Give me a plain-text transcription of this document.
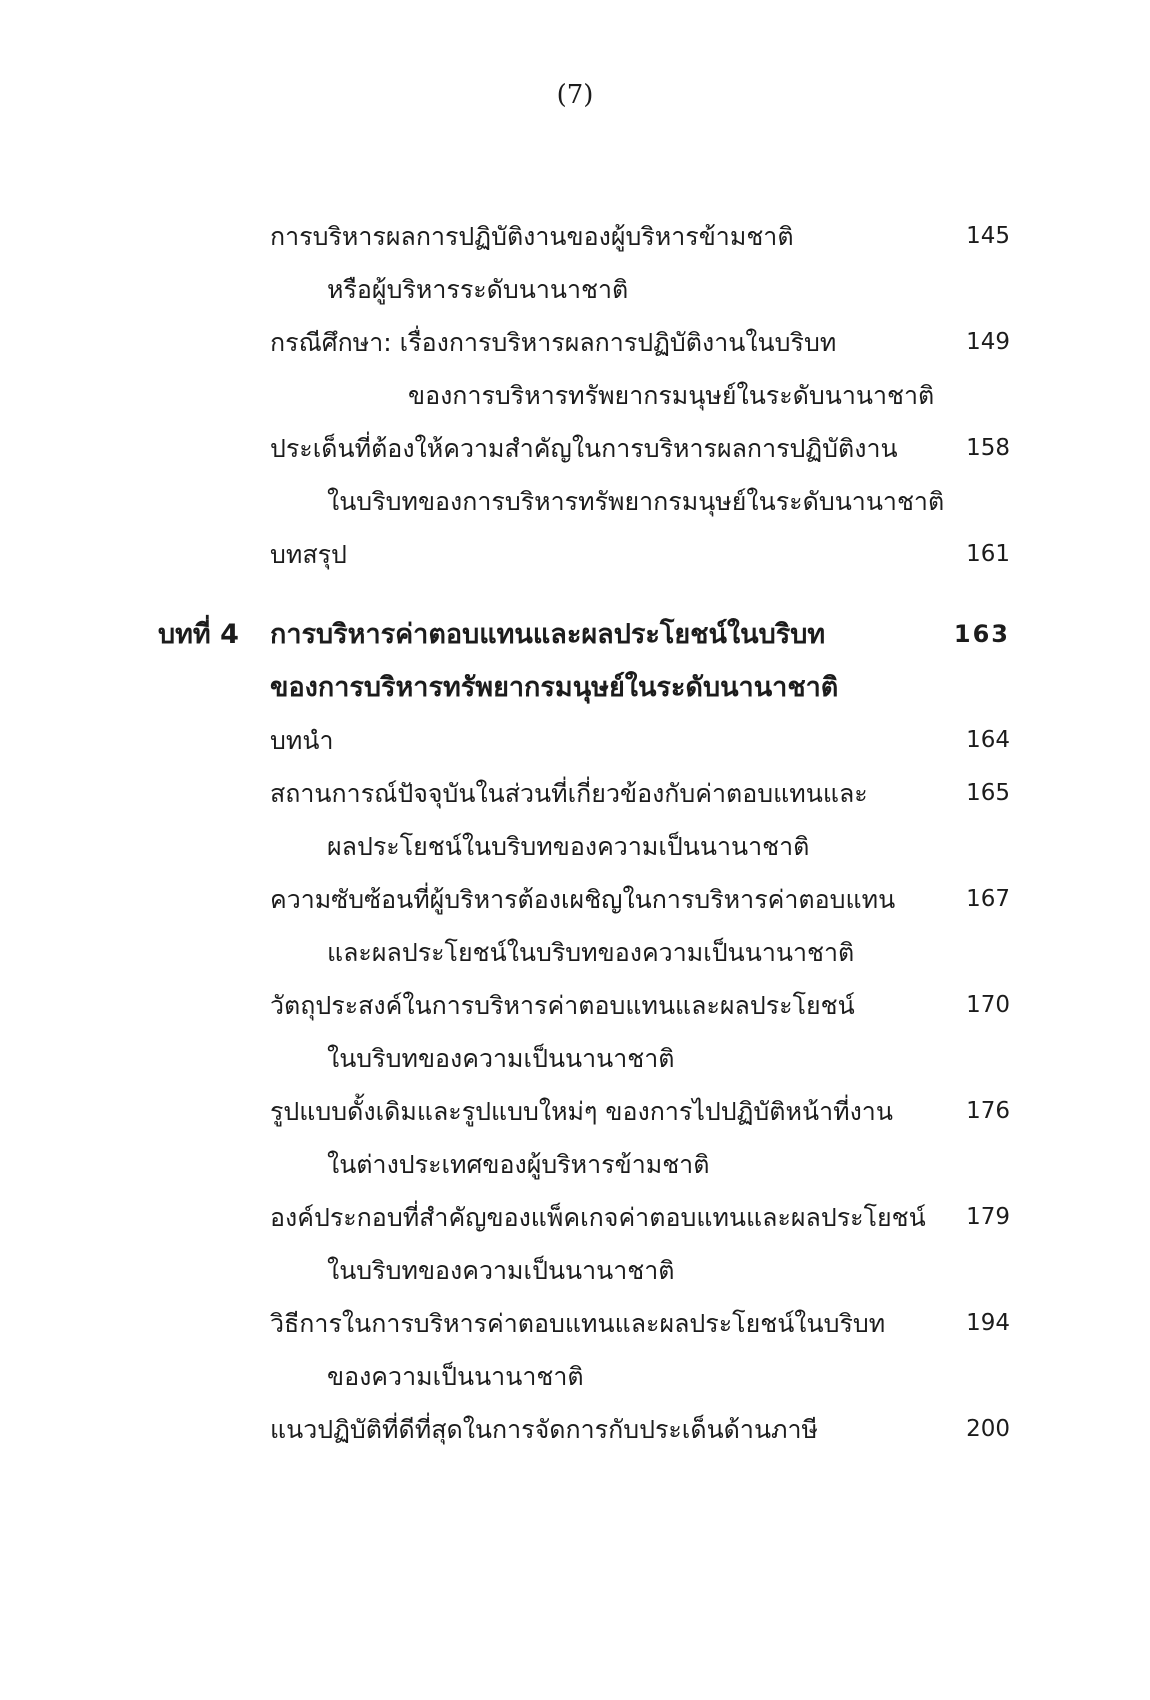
(7)
การบริหารผลการปฏิบัติงานของผู้บริหารข้ามชาติ	145
หรือผู้บริหารระดับนานาชาติ
กรณีศึกษา: เรื่องการบริหารผลการปฏิบัติงานในบริบท	149
ของการบริหารทรัพยากรมนุษย์ในระดับนานาชาติ
ประเด็นที่ต้องให้ความสำคัญในการบริหารผลการปฏิบัติงาน	158
ในบริบทของการบริหารทรัพยากรมนุษย์ในระดับนานาชาติ
บทสรุป	161
บทที่ 4 การบริหารค่าตอบแทนและผลประโยชน์ในบริบท	163
ของการบริหารทรัพยากรมนุษย์ในระดับนานาชาติ
บทนำ	164
สถานการณ์ปัจจุบันในส่วนที่เกี่ยวข้องกับค่าตอบแทนและ	165
ผลประโยชน์ในบริบทของความเป็นนานาชาติ
ความซับซ้อนที่ผู้บริหารต้องเผชิญในการบริหารค่าตอบแทน	167
และผลประโยชน์ในบริบทของความเป็นนานาชาติ
วัตถุประสงค์ในการบริหารค่าตอบแทนและผลประโยชน์	170
ในบริบทของความเป็นนานาชาติ
รูปแบบดั้งเดิมและรูปแบบใหม่ๆ ของการไปปฏิบัติหน้าที่งาน	176
ในต่างประเทศของผู้บริหารข้ามชาติ
องค์ประกอบที่สำคัญของแพ็คเกจค่าตอบแทนและผลประโยชน์ 179
ในบริบทของความเป็นนานาชาติ
วิธีการในการบริหารค่าตอบแทนและผลประโยชน์ในบริบท	194
ของความเป็นนานาชาติ
แนวปฏิบัติที่ดีที่สุดในการจัดการกับประเด็นด้านภาษี	200
